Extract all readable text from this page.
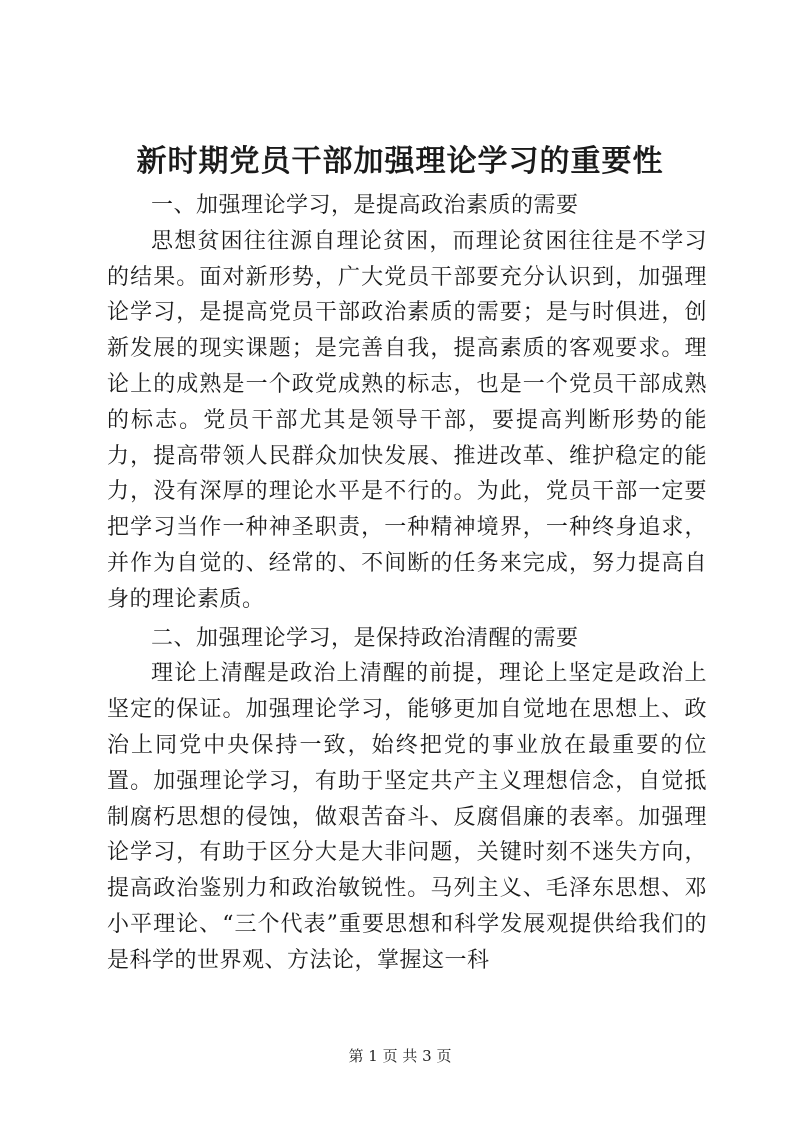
新时期党员干部加强理论学习的重要性
一、加强理论学习，是提高政治素质的需要

思想贫困往往源自理论贫困，而理论贫困往往是不学习的结果。面对新形势，广大党员干部要充分认识到，加强理论学习，是提高党员干部政治素质的需要；是与时俱进，创新发展的现实课题；是完善自我，提高素质的客观要求。理论上的成熟是一个政党成熟的标志，也是一个党员干部成熟的标志。党员干部尤其是领导干部，要提高判断形势的能力，提高带领人民群众加快发展、推进改革、维护稳定的能力，没有深厚的理论水平是不行的。为此，党员干部一定要把学习当作一种神圣职责，一种精神境界，一种终身追求，并作为自觉的、经常的、不间断的任务来完成，努力提高自身的理论素质。

二、加强理论学习，是保持政治清醒的需要

理论上清醒是政治上清醒的前提，理论上坚定是政治上坚定的保证。加强理论学习，能够更加自觉地在思想上、政治上同党中央保持一致，始终把党的事业放在最重要的位置。加强理论学习，有助于坚定共产主义理想信念，自觉抵制腐朽思想的侵蚀，做艰苦奋斗、反腐倡廉的表率。加强理论学习，有助于区分大是大非问题，关键时刻不迷失方向，提高政治鉴别力和政治敏锐性。马列主义、毛泽东思想、邓小平理论、“三个代表”重要思想和科学发展观提供给我们的是科学的世界观、方法论，掌握这一科

第 1 页 共 3 页
